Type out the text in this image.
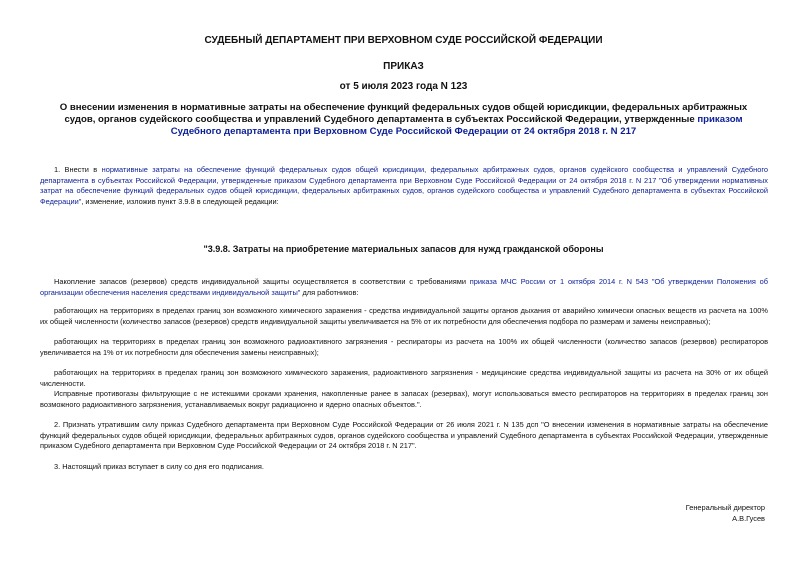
СУДЕБНЫЙ ДЕПАРТАМЕНТ ПРИ ВЕРХОВНОМ СУДЕ РОССИЙСКОЙ ФЕДЕРАЦИИ
ПРИКАЗ
от 5 июля 2023 года N 123
О внесении изменения в нормативные затраты на обеспечение функций федеральных судов общей юрисдикции, федеральных арбитражных судов, органов судейского сообщества и управлений Судебного департамента в субъектах Российской Федерации, утвержденные приказом Судебного департамента при Верховном Суде Российской Федерации от 24 октября 2018 г. N 217
1. Внести в нормативные затраты на обеспечение функций федеральных судов общей юрисдикции, федеральных арбитражных судов, органов судейского сообщества и управлений Судебного департамента в субъектах Российской Федерации, утвержденные приказом Судебного департамента при Верховном Суде Российской Федерации от 24 октября 2018 г. N 217 "Об утверждении нормативных затрат на обеспечение функций федеральных судов общей юрисдикции, федеральных арбитражных судов, органов судейского сообщества и управлений Судебного департамента в субъектах Российской Федерации", изменение, изложив пункт 3.9.8 в следующей редакции:
"3.9.8. Затраты на приобретение материальных запасов для нужд гражданской обороны
Накопление запасов (резервов) средств индивидуальной защиты осуществляется в соответствии с требованиями приказа МЧС России от 1 октября 2014 г. N 543 "Об утверждении Положения об организации обеспечения населения средствами индивидуальной защиты" для работников:
работающих на территориях в пределах границ зон возможного химического заражения - средства индивидуальной защиты органов дыхания от аварийно химически опасных веществ из расчета на 100% их общей численности (количество запасов (резервов) средств индивидуальной защиты увеличивается на 5% от их потребности для обеспечения подбора по размерам и замены неисправных);
работающих на территориях в пределах границ зон возможного радиоактивного загрязнения - респираторы из расчета на 100% их общей численности (количество запасов (резервов) респираторов увеличивается на 1% от их потребности для обеспечения замены неисправных);
работающих на территориях в пределах границ зон возможного химического заражения, радиоактивного загрязнения - медицинские средства индивидуальной защиты из расчета на 30% от их общей численности.
Исправные противогазы фильтрующие с не истекшими сроками хранения, накопленные ранее в запасах (резервах), могут использоваться вместо респираторов на территориях в пределах границ зон возможного радиоактивного загрязнения, устанавливаемых вокруг радиационно и ядерно опасных объектов.".
2. Признать утратившим силу приказ Судебного департамента при Верховном Суде Российской Федерации от 26 июля 2021 г. N 135 дсп "О внесении изменения в нормативные затраты на обеспечение функций федеральных судов общей юрисдикции, федеральных арбитражных судов, органов судейского сообщества и управлений Судебного департамента в субъектах Российской Федерации, утвержденные приказом Судебного департамента при Верховном Суде Российской Федерации от 24 октября 2018 г. N 217".
3. Настоящий приказ вступает в силу со дня его подписания.
Генеральный директор
А.В.Гусев
